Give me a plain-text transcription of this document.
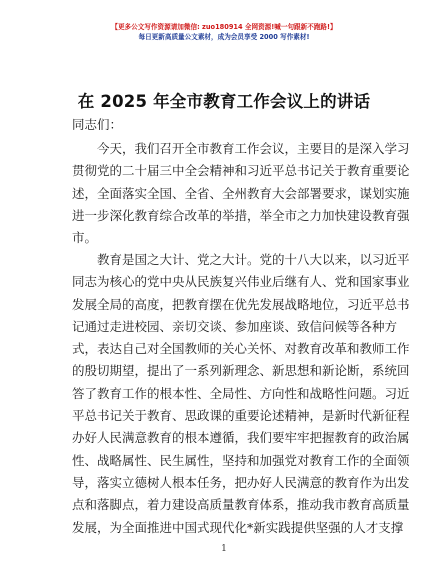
【更多公文写作资源请加微信: zuo180914 全网资源!喊一句跟新不跑路!】
每日更新高质量公文素材，成为会员享受 2000 写作素材!
在 2025 年全市教育工作会议上的讲话
同志们：
今天，我们召开全市教育工作会议，主要目的是深入学习
贯彻党的二十届三中全会精神和习近平总书记关于教育重要论
述，全面落实全国、全省、全州教育大会部署要求，谋划实施
进一步深化教育综合改革的举措，举全市之力加快建设教育强
市。
教育是国之大计、党之大计。党的十八大以来，以习近平
同志为核心的党中央从民族复兴伟业后继有人、党和国家事业
发展全局的高度，把教育摆在优先发展战略地位，习近平总书
记通过走进校园、亲切交谈、参加座谈、致信问候等各种方
式，表达自己对全国教师的关心关怀、对教育改革和教师工作
的殷切期望，提出了一系列新理念、新思想和新论断，系统回
答了教育工作的根本性、全局性、方向性和战略性问题。习近
平总书记关于教育、思政课的重要论述精神，是新时代新征程
办好人民满意教育的根本遵循，我们要牢牢把握教育的政治属
性、战略属性、民生属性，坚持和加强党对教育工作的全面领
导，落实立德树人根本任务，把办好人民满意的教育作为出发
点和落脚点，着力建设高质量教育体系，推动我市教育高质量
发展，为全面推进中国式现代化*新实践提供坚强的人才支撑
1
